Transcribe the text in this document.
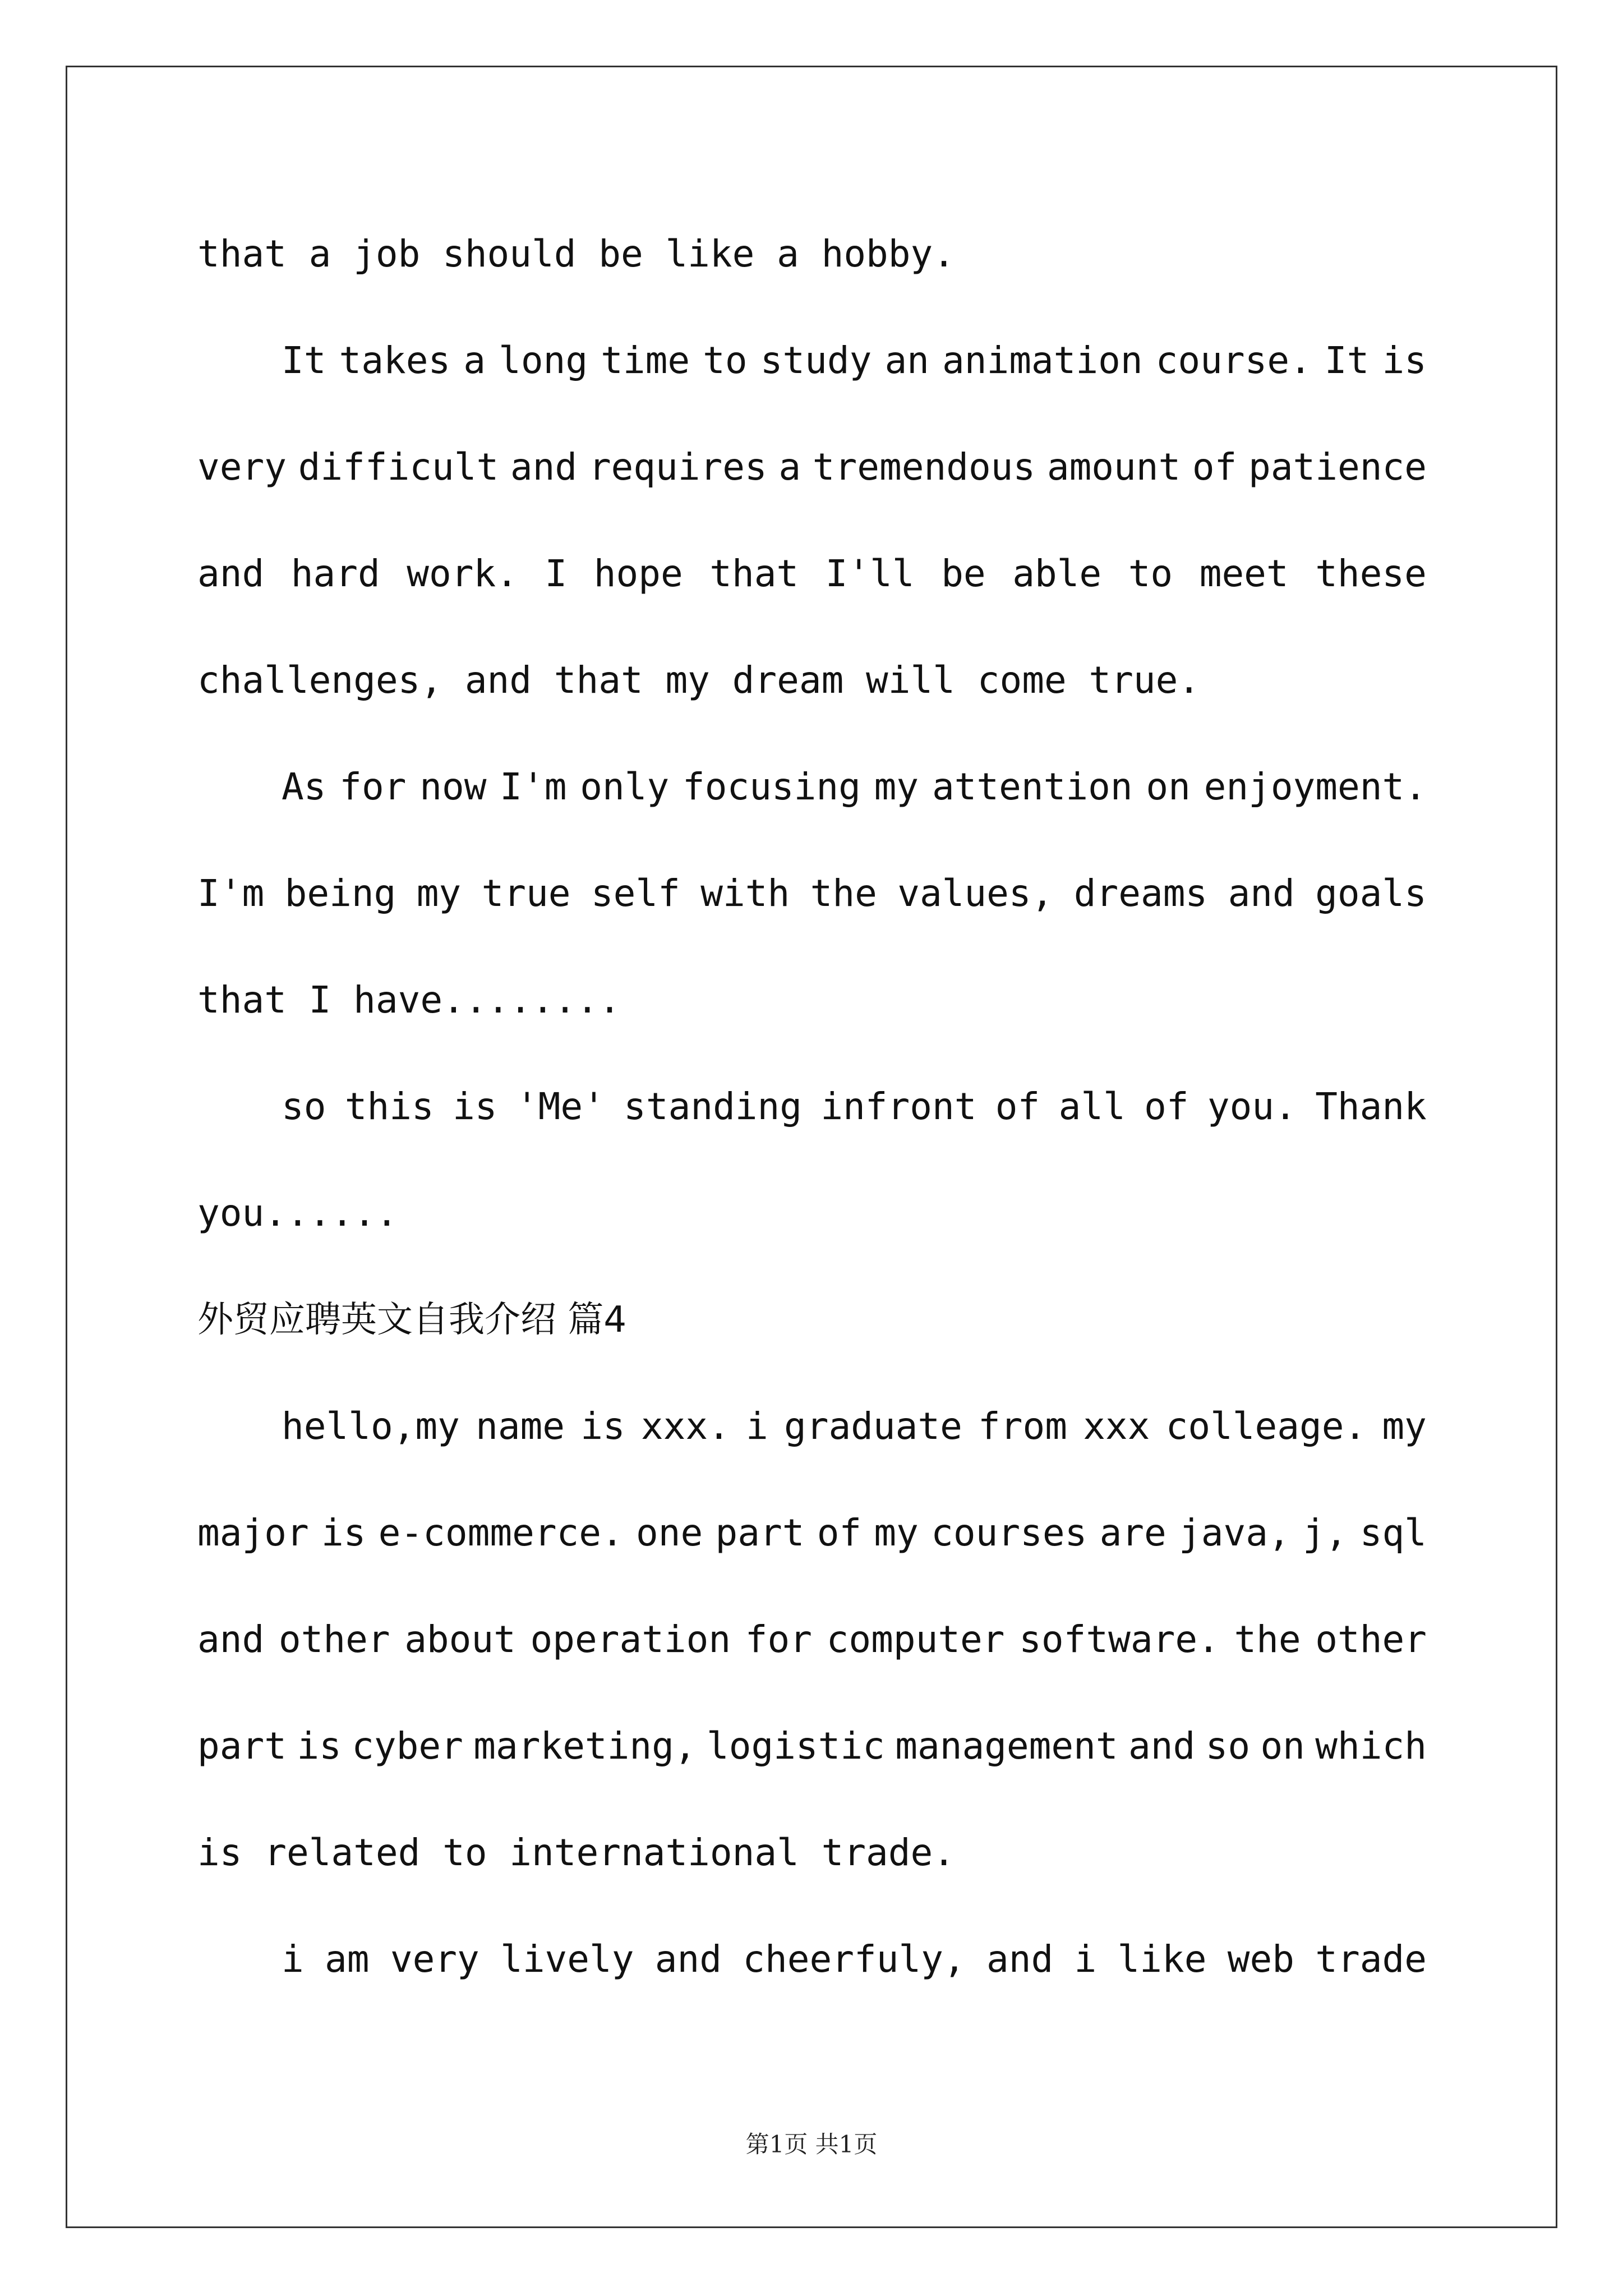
that a job should be like a hobby.
It takes a long time to study an animation course. It is
very difficult and requires a tremendous amount of patience
and hard work. I hope that I'll be able to meet these
challenges, and that my dream will come true.
As for now I'm only focusing my attention on enjoyment.
I'm being my true self with the values, dreams and goals
that I have........
so this is 'Me' standing infront of all of you. Thank
you......
外贸应聘英文自我介绍 篇4
hello,my name is xxx. i graduate from xxx colleage. my
major is e-commerce. one part of my courses are java, j, sql
and other about operation for computer software. the other
part is cyber marketing, logistic management and so on which
is related to international trade.
i am very lively and cheerfuly, and i like web trade
第1页 共1页
